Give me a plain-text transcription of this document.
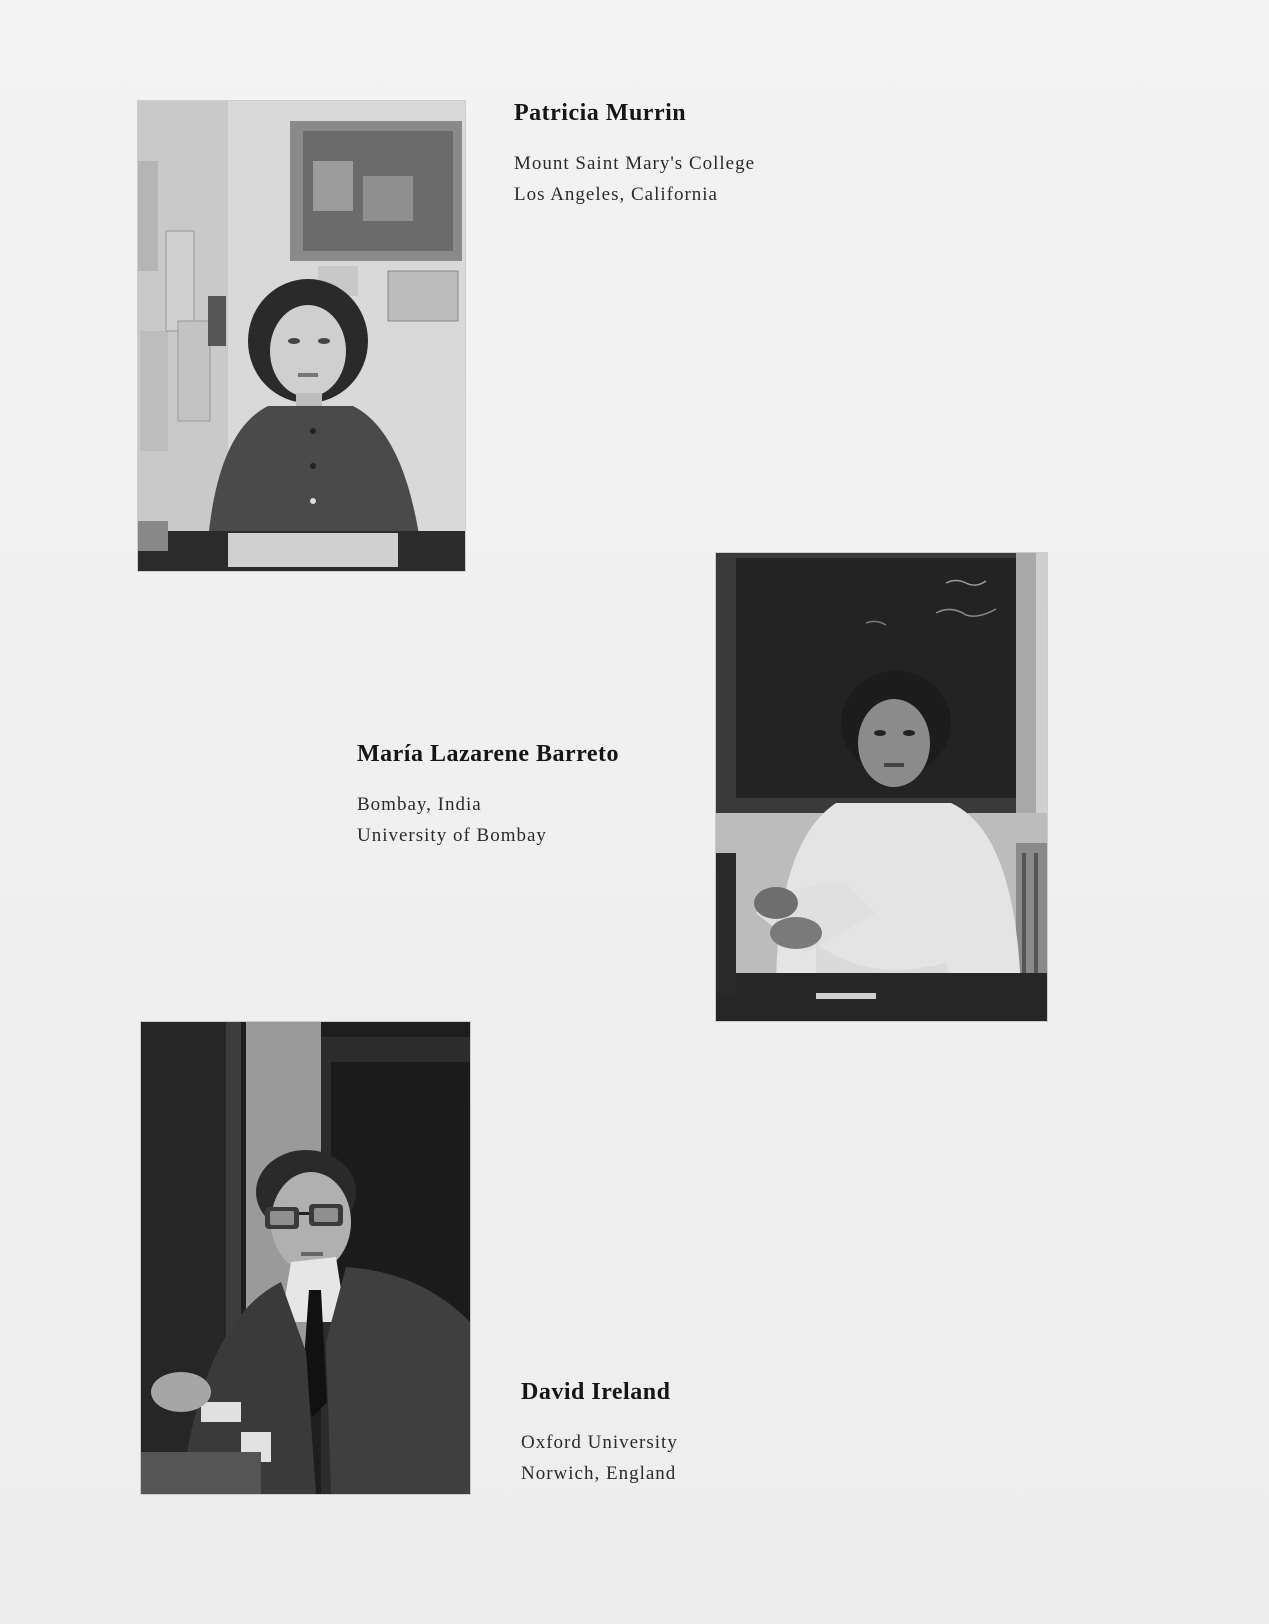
Patricia Murrin
Mount Saint Mary's College
Los Angeles, California
María Lazarene Barreto
Bombay, India
University of Bombay
David Ireland
Oxford University
Norwich, England
